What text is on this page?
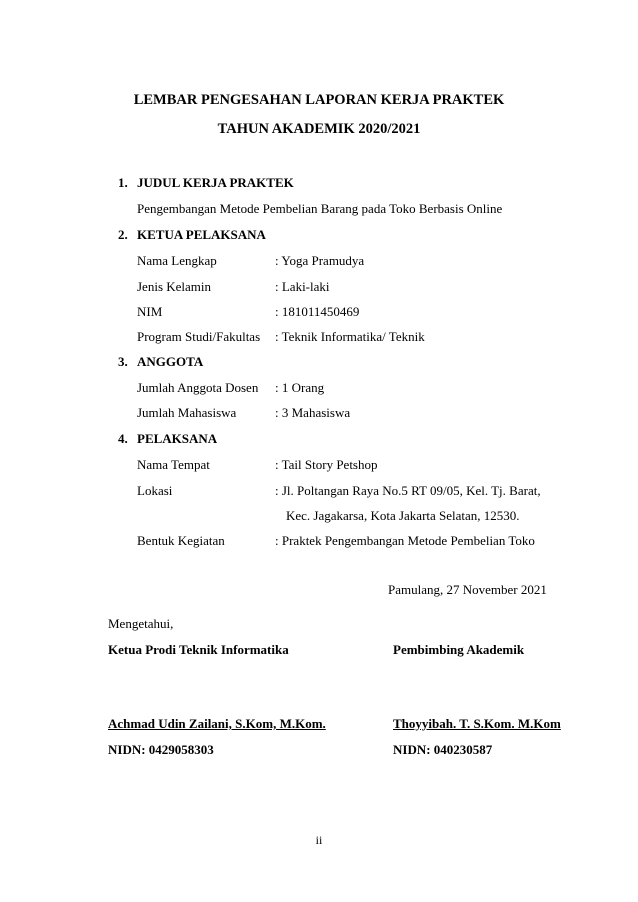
LEMBAR PENGESAHAN LAPORAN KERJA PRAKTEK
TAHUN AKADEMIK 2020/2021
1. JUDUL KERJA PRAKTEK
Pengembangan Metode Pembelian Barang pada Toko Berbasis Online
2. KETUA PELAKSANA
Nama Lengkap	: Yoga Pramudya
Jenis Kelamin	: Laki-laki
NIM	: 181011450469
Program Studi/Fakultas : Teknik Informatika/ Teknik
3. ANGGOTA
Jumlah Anggota Dosen : 1 Orang
Jumlah Mahasiswa	: 3 Mahasiswa
4. PELAKSANA
Nama Tempat	: Tail Story Petshop
Lokasi	: Jl. Poltangan Raya No.5 RT 09/05, Kel. Tj. Barat,
Kec. Jagakarsa, Kota Jakarta Selatan, 12530.
Bentuk Kegiatan	: Praktek Pengembangan Metode Pembelian Toko
Pamulang, 27 November 2021
Mengetahui,
Ketua Prodi Teknik Informatika	Pembimbing Akademik
Achmad Udin Zailani, S.Kom, M.Kom.	Thoyyibah. T. S.Kom. M.Kom
NIDN: 0429058303	NIDN: 040230587
ii
